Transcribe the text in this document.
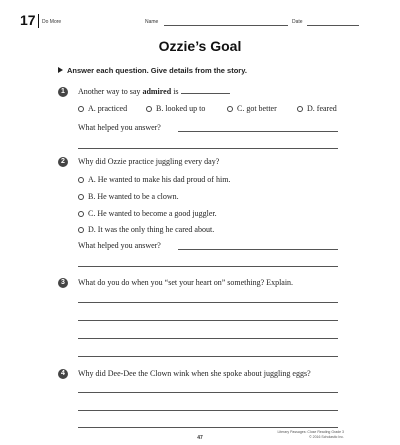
17 Do More	Name	Date
Ozzie’s Goal
Answer each question. Give details from the story.
1	Another way to say admired is	.
A. practiced	B. looked up to	C. got better	D. feared
What helped you answer?
2	Why did Ozzie practice juggling every day?
A. He wanted to make his dad proud of him.
B. He wanted to be a clown.
C. He wanted to become a good juggler.
D. It was the only thing he cared about.
What helped you answer?
3	What do you do when you “set your heart on” something? Explain.
4	Why did Dee-Dee the Clown wink when she spoke about juggling eggs?
47
Literary Passages: Close Reading Grade 3
© 2016 Scholastic Inc.
